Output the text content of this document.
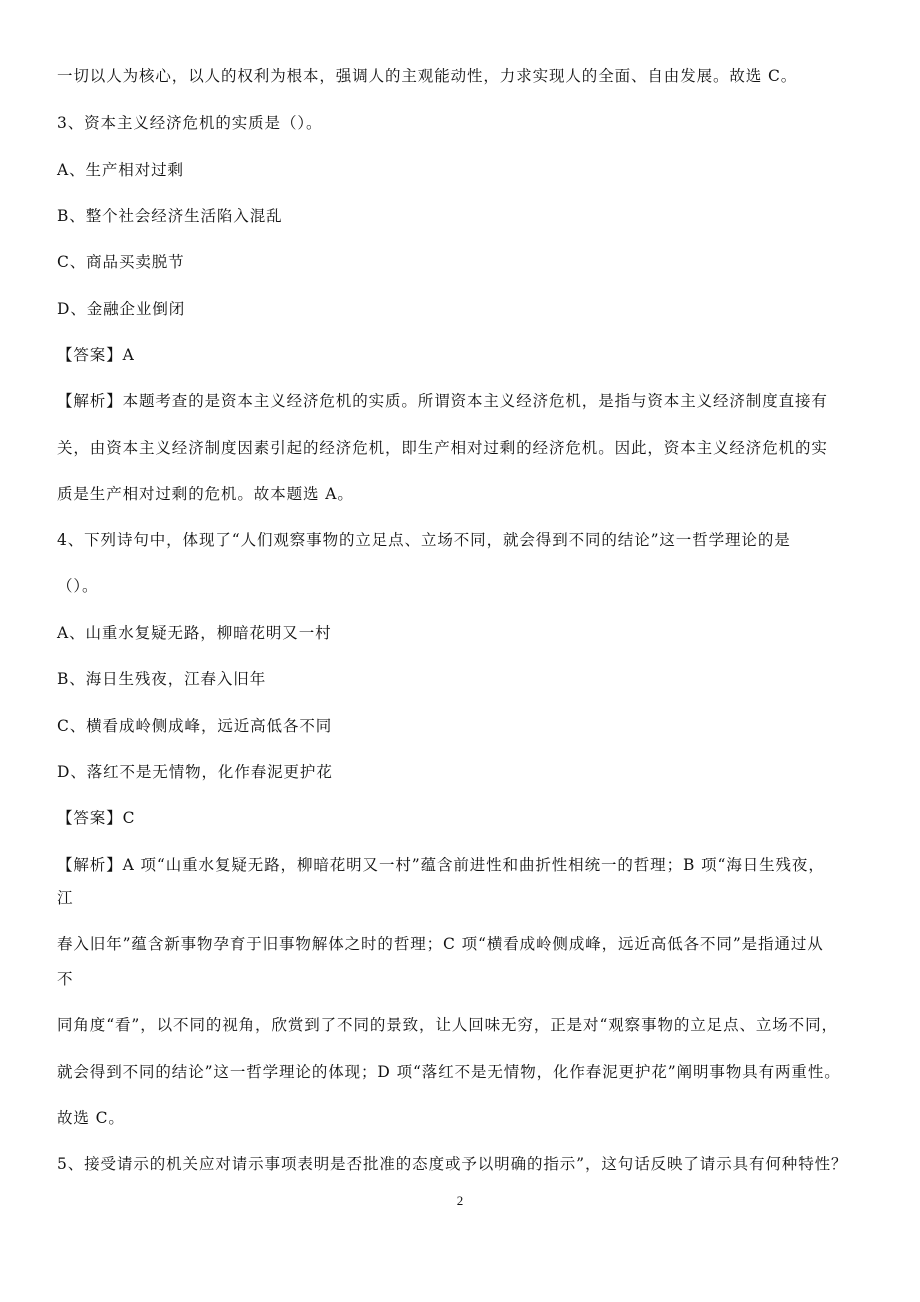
一切以人为核心，以人的权利为根本，强调人的主观能动性，力求实现人的全面、自由发展。故选 C。
3、资本主义经济危机的实质是（）。
A、生产相对过剩
B、整个社会经济生活陷入混乱
C、商品买卖脱节
D、金融企业倒闭
【答案】A
【解析】本题考查的是资本主义经济危机的实质。所谓资本主义经济危机，是指与资本主义经济制度直接有
关，由资本主义经济制度因素引起的经济危机，即生产相对过剩的经济危机。因此，资本主义经济危机的实
质是生产相对过剩的危机。故本题选 A。
4、下列诗句中，体现了“人们观察事物的立足点、立场不同，就会得到不同的结论”这一哲学理论的是
（）。
A、山重水复疑无路，柳暗花明又一村
B、海日生残夜，江春入旧年
C、横看成岭侧成峰，远近高低各不同
D、落红不是无情物，化作春泥更护花
【答案】C
【解析】A 项“山重水复疑无路，柳暗花明又一村”蕴含前进性和曲折性相统一的哲理；B 项“海日生残夜，
江
春入旧年”蕴含新事物孕育于旧事物解体之时的哲理；C 项“横看成岭侧成峰，远近高低各不同”是指通过从
不
同角度“看”，以不同的视角，欣赏到了不同的景致，让人回味无穷，正是对“观察事物的立足点、立场不同，
就会得到不同的结论”这一哲学理论的体现；D 项“落红不是无情物，化作春泥更护花”阐明事物具有两重性。
故选 C。
5、接受请示的机关应对请示事项表明是否批准的态度或予以明确的指示”，这句话反映了请示具有何种特性？
2
